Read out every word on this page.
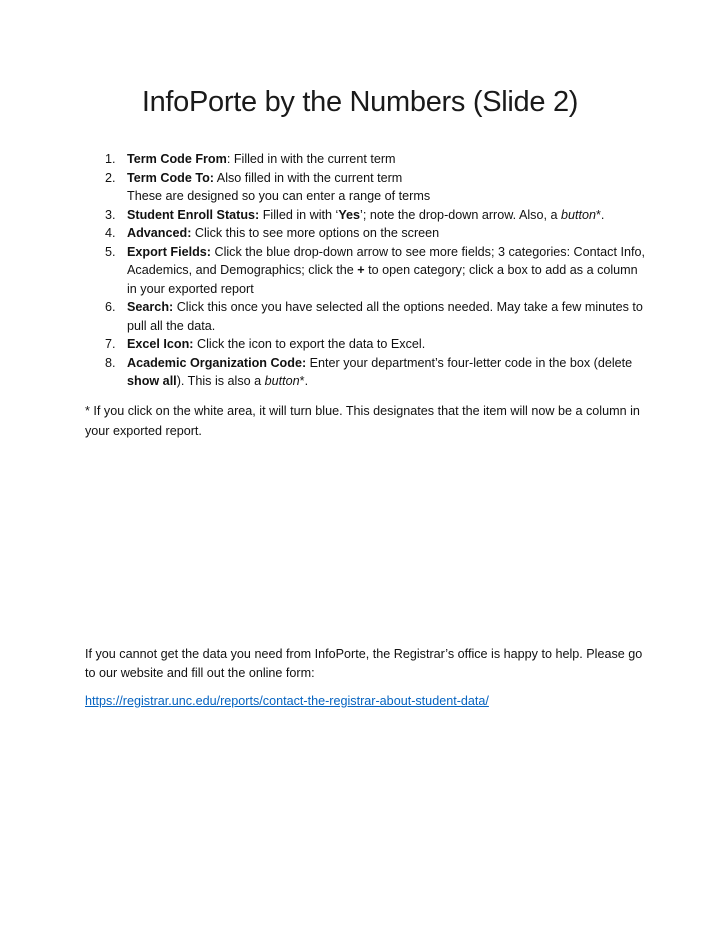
InfoPorte by the Numbers (Slide 2)
1. Term Code From: Filled in with the current term
2. Term Code To: Also filled in with the current term
These are designed so you can enter a range of terms
3. Student Enroll Status: Filled in with ‘Yes’; note the drop-down arrow. Also, a button*.
4. Advanced: Click this to see more options on the screen
5. Export Fields: Click the blue drop-down arrow to see more fields; 3 categories: Contact Info, Academics, and Demographics; click the + to open category; click a box to add as a column in your exported report
6. Search: Click this once you have selected all the options needed. May take a few minutes to pull all the data.
7. Excel Icon: Click the icon to export the data to Excel.
8. Academic Organization Code: Enter your department’s four-letter code in the box (delete show all). This is also a button*.

* If you click on the white area, it will turn blue. This designates that the item will now be a column in your exported report.

If you cannot get the data you need from InfoPorte, the Registrar’s office is happy to help. Please go to our website and fill out the online form:

https://registrar.unc.edu/reports/contact-the-registrar-about-student-data/
